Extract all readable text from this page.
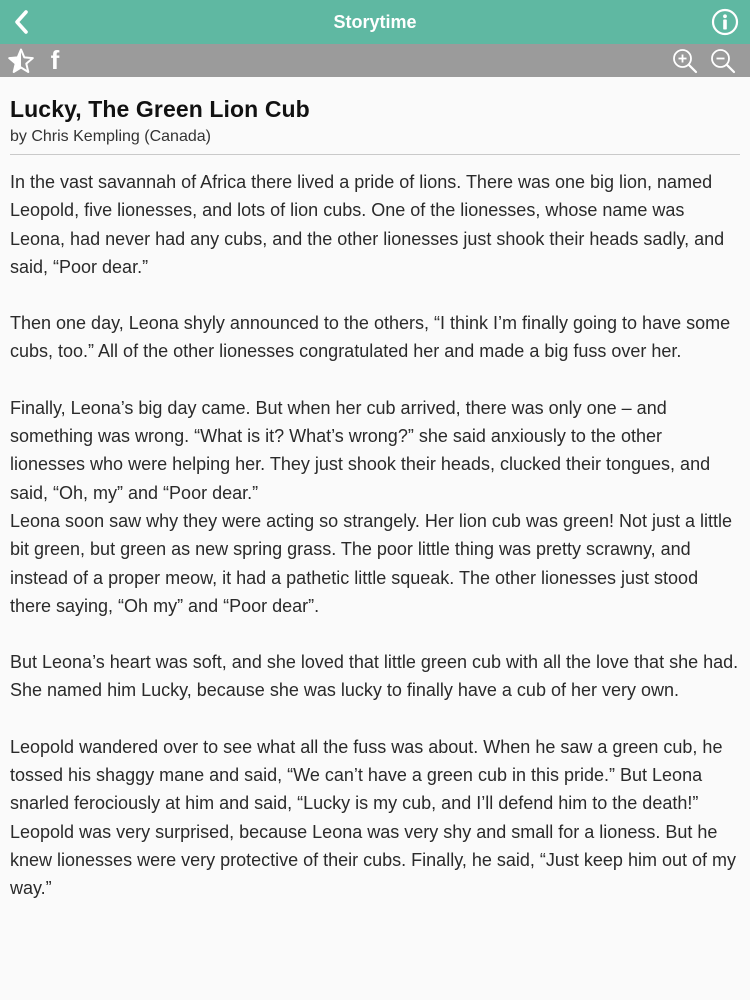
Storytime
f
Lucky, The Green Lion Cub
by Chris Kempling (Canada)

In the vast savannah of Africa there lived a pride of lions. There was one big lion, named Leopold, five lionesses, and lots of lion cubs. One of the lionesses, whose name was Leona, had never had any cubs, and the other lionesses just shook their heads sadly, and said, “Poor dear.”

Then one day, Leona shyly announced to the others, “I think I’m finally going to have some cubs, too.” All of the other lionesses congratulated her and made a big fuss over her.

Finally, Leona’s big day came. But when her cub arrived, there was only one – and something was wrong. “What is it? What’s wrong?” she said anxiously to the other lionesses who were helping her. They just shook their heads, clucked their tongues, and said, “Oh, my” and “Poor dear.”

Leona soon saw why they were acting so strangely. Her lion cub was green! Not just a little bit green, but green as new spring grass. The poor little thing was pretty scrawny, and instead of a proper meow, it had a pathetic little squeak. The other lionesses just stood there saying, “Oh my” and “Poor dear”.

But Leona’s heart was soft, and she loved that little green cub with all the love that she had. She named him Lucky, because she was lucky to finally have a cub of her very own.

Leopold wandered over to see what all the fuss was about. When he saw a green cub, he tossed his shaggy mane and said, “We can’t have a green cub in this pride.” But Leona snarled ferociously at him and said, “Lucky is my cub, and I’ll defend him to the death!” Leopold was very surprised, because Leona was very shy and small for a lioness. But he knew lionesses were very protective of their cubs. Finally, he said, “Just keep him out of my way.”
